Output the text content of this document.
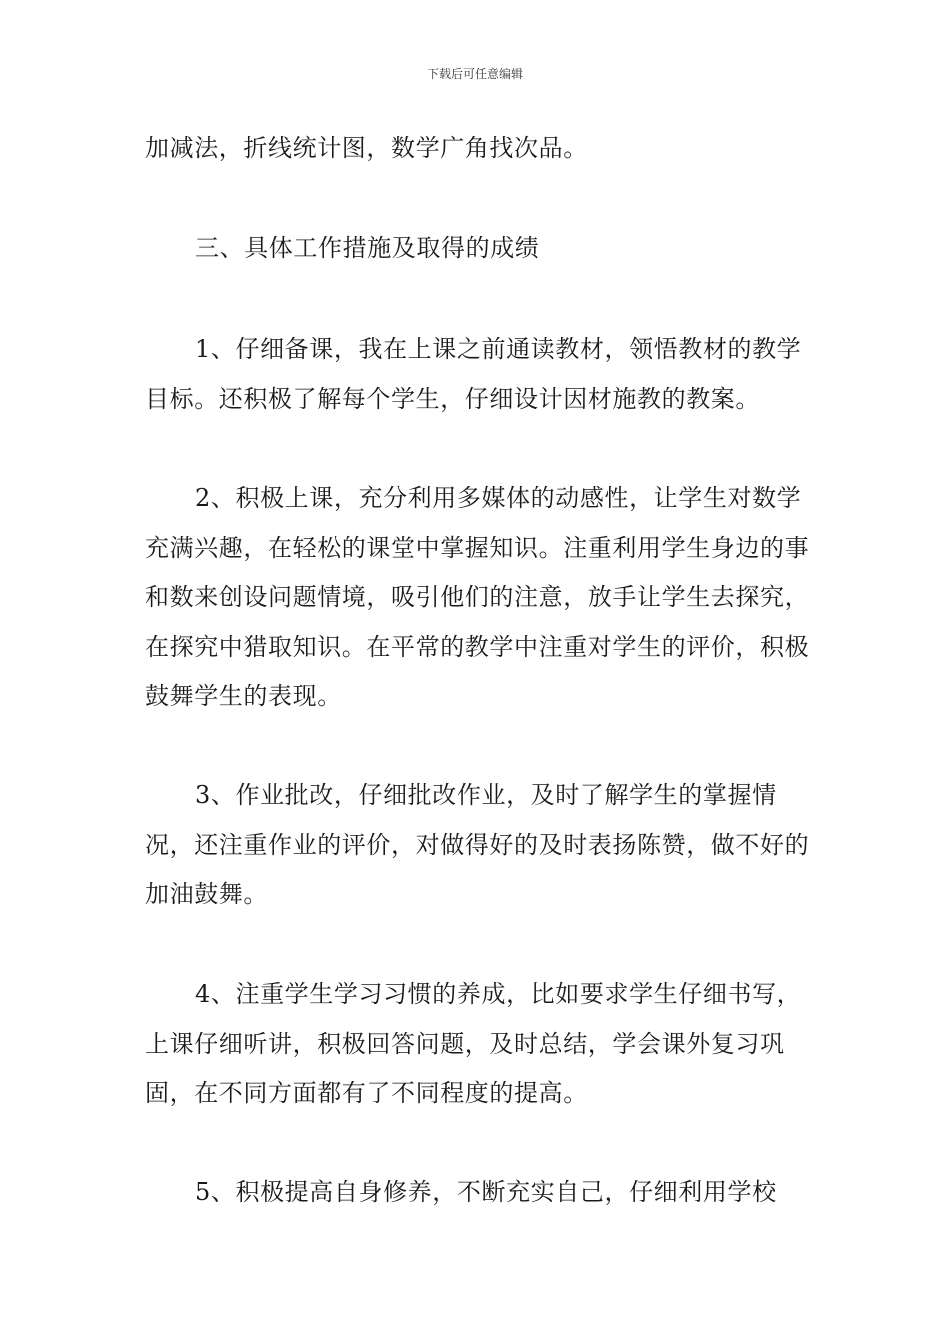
下载后可任意编辑

加减法，折线统计图，数学广角找次品。

三、具体工作措施及取得的成绩

1、仔细备课，我在上课之前通读教材，领悟教材的教学目标。还积极了解每个学生，仔细设计因材施教的教案。

2、积极上课，充分利用多媒体的动感性，让学生对数学充满兴趣，在轻松的课堂中掌握知识。注重利用学生身边的事和数来创设问题情境，吸引他们的注意，放手让学生去探究，在探究中猎取知识。在平常的教学中注重对学生的评价，积极鼓舞学生的表现。

3、作业批改，仔细批改作业，及时了解学生的掌握情况，还注重作业的评价，对做得好的及时表扬陈赞，做不好的加油鼓舞。

4、注重学生学习习惯的养成，比如要求学生仔细书写，上课仔细听讲，积极回答问题，及时总结，学会课外复习巩固，在不同方面都有了不同程度的提高。

5、积极提高自身修养，不断充实自己，仔细利用学校
